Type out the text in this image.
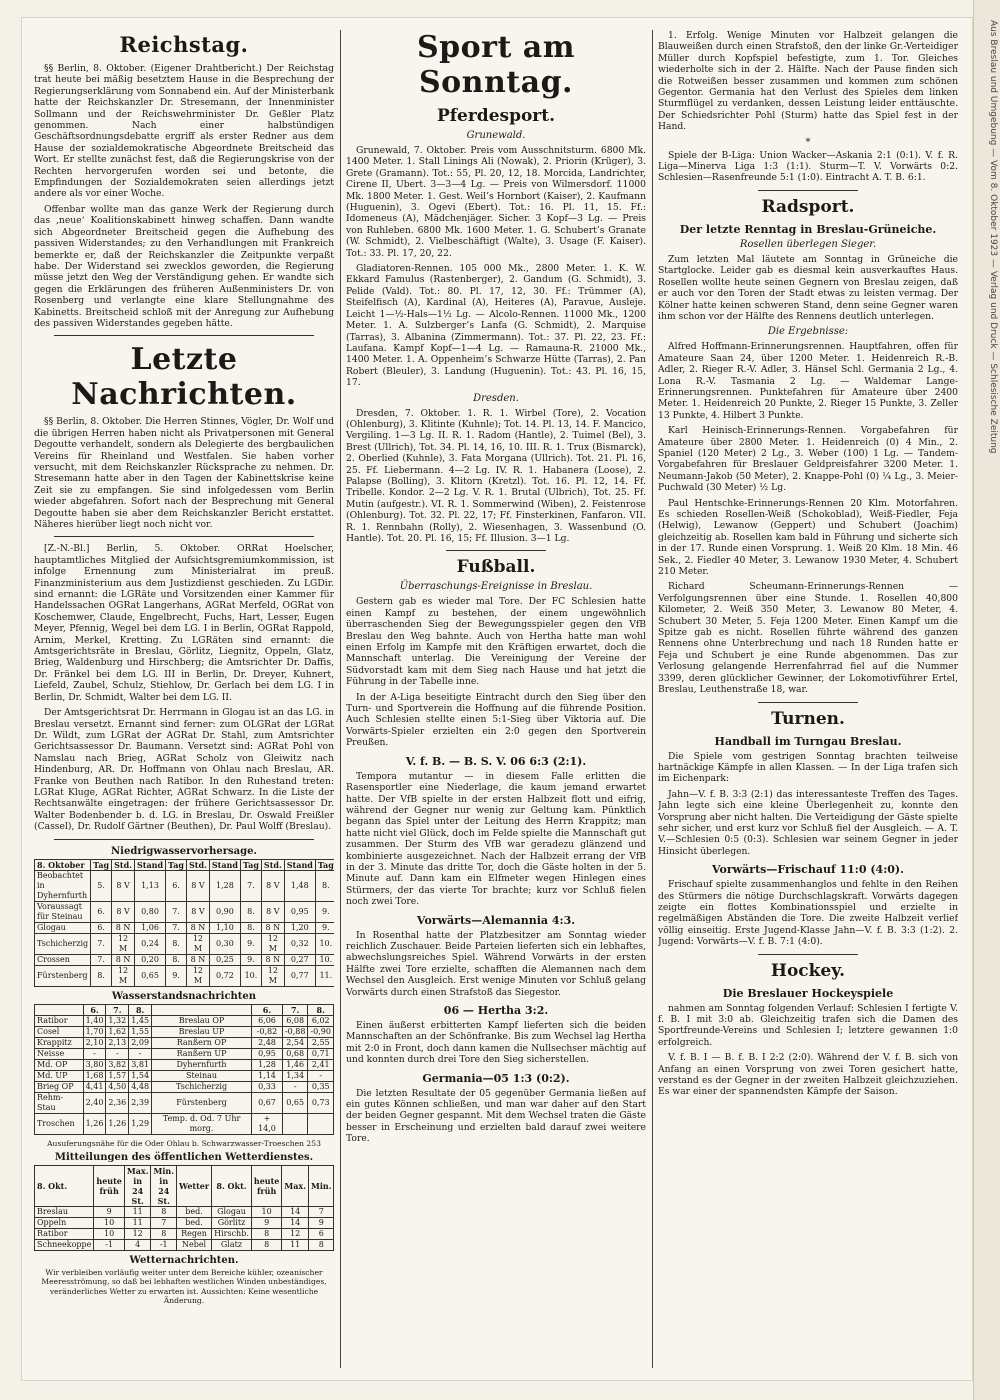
Reichstag.

§§ Berlin, 8. Oktober. (Eigener Drahtbericht.) Der Reichstag trat heute bei mäßig besetztem Hause in die Besprechung der Regierungserklärung vom Sonnabend ein. Auf der Ministerbank hatte der Reichskanzler Dr. Stresemann, der Innenminister Sollmann und der Reichswehrminister Dr. Geßler Platz genommen. Nach einer halbstündigen Geschäftsordnungsdebatte ergriff als erster Redner aus dem Hause der sozialdemokratische Abgeordnete Breitscheid das Wort. Er stellte zunächst fest, daß die Regierungskrise von der Rechten hervorgerufen worden sei und betonte, die Empfindungen der Sozialdemokraten seien allerdings jetzt andere als vor einer Woche.

Offenbar wollte man das ganze Werk der Regierung durch das ‚neue‘ Koalitionskabinett hinweg schaffen. Dann wandte sich Abgeordneter Breitscheid gegen die Aufhebung des passiven Widerstandes; zu den Verhandlungen mit Frankreich bemerkte er, daß der Reichskanzler die Zeitpunkte verpaßt habe. Der Widerstand sei zwecklos geworden, die Regierung müsse jetzt den Weg der Verständigung gehen. Er wandte sich gegen die Erklärungen des früheren Außenministers Dr. von Rosenberg und verlangte eine klare Stellungnahme des Kabinetts. Breitscheid schloß mit der Anregung zur Aufhebung des passiven Widerstandes gegeben hätte.

Letzte Nachrichten.

§§ Berlin, 8. Oktober. Die Herren Stinnes, Vögler, Dr. Wolf und die übrigen Herren haben nicht als Privatpersonen mit General Degoutte verhandelt, sondern als Delegierte des bergbaulichen Vereins für Rheinland und Westfalen. Sie haben vorher versucht, mit dem Reichskanzler Rücksprache zu nehmen. Dr. Stresemann hatte aber in den Tagen der Kabinettskrise keine Zeit sie zu empfangen. Sie sind infolgedessen vom Berlin wieder abgefahren. Sofort nach der Besprechung mit General Degoutte haben sie aber dem Reichskanzler Bericht erstattet. Näheres hierüber liegt noch nicht vor.

[Z.-N.-Bl.] Berlin, 5. Oktober. ORRat Hoelscher, hauptamtliches Mitglied der Aufsichtsgremiumkommission, ist infolge Ernennung zum Ministerialrat im preuß. Finanzministerium aus dem Justizdienst geschieden. Zu LGDir. sind ernannt: die LGRäte und Vorsitzenden einer Kammer für Handelssachen OGRat Langerhans, AGRat Merfeld, OGRat von Koschemwer, Claude, Engelbrecht, Fuchs, Hart, Lesser, Eugen Meyer, Pfennig, Wegel bei dem LG. I in Berlin, OGRat Rappold, Arnim, Merkel, Kretting. Zu LGRäten sind ernannt: die Amtsgerichtsräte in Breslau, Görlitz, Liegnitz, Oppeln, Glatz, Brieg, Waldenburg und Hirschberg; die Amtsrichter Dr. Daffis, Dr. Fränkel bei dem LG. III in Berlin, Dr. Dreyer, Kuhnert, Liefeld, Zaubel, Schulz, Stiehlow, Dr. Gerlach bei dem LG. I in Berlin, Dr. Schmidt, Walter bei dem LG. II.

Der Amtsgerichtsrat Dr. Herrmann in Glogau ist an das LG. in Breslau versetzt. Ernannt sind ferner: zum OLGRat der LGRat Dr. Wildt, zum LGRat der AGRat Dr. Stahl, zum Amtsrichter Gerichtsassessor Dr. Baumann. Versetzt sind: AGRat Pohl von Namslau nach Brieg, AGRat Scholz von Gleiwitz nach Hindenburg, AR. Dr. Hoffmann von Ohlau nach Breslau, AR. Franke von Beuthen nach Ratibor. In den Ruhestand treten: LGRat Kluge, AGRat Richter, AGRat Schwarz. In die Liste der Rechtsanwälte eingetragen: der frühere Gerichtsassessor Dr. Walter Bodenbender b. d. LG. in Breslau, Dr. Oswald Freißler (Cassel), Dr. Rudolf Gärtner (Beuthen), Dr. Paul Wolff (Breslau).

Niedrigwasservorhersage.
8. Oktober	Tag	Std.	Stand	Tag	Std.	Stand	Tag	Std.	Stand	Tag		
Beobachtet in Dyhernfurth	5.	8 V	1,13	6.	8 V	1,28	7.	8 V	1,48	8.		
Voraussagt für Steinau	6.	8 V	0,80	7.	8 V	0,90	8.	8 V	0,95	9.		
Glogau	6.	8 N	1,06	7.	8 N	1,10	8.	8 N	1,20	9.		
Tschicherzig	7.	12 M	0,24	8.	12 M	0,30	9.	12 M	0,32	10.		
Crossen	7.	8 N	0,20	8.	8 N	0,25	9.	8 N	0,27	10.		
Fürstenberg	8.	12 M	0,65	9.	12 M	0,72	10.	12 M	0,77	11.		
Wasserstandsnachrichten
	6.	7.	8.		6.	7.	8.
Ratibor	1,40	1,32	1,45	Breslau OP	6,06	6,08	6,02
Cosel	1,70	1,62	1,55	Breslau UP	-0,82	-0,88	-0,90
Krappitz	2,10	2,13	2,09	Ranßern OP	2,48	2,54	2,55
Neisse	-	-	-	Ranßern UP	0,95	0,68	0,71
Md. OP	3,80	3,82	3,81	Dyhernfurth	1,28	1,46	2,41
Md. UP	1,68	1,57	1,54	Steinau	1,14	1,34	-
Brieg OP	4,41	4,50	4,48	Tschicherzig	0,33	-	0,35
Rehm-Stau	2,40	2,36	2,39	Fürstenberg	0,67	0,65	0,73
Troschen	1,26	1,26	1,29	Temp. d. Od. 7 Uhr morg.	+ 14,0		
Ausuferungsnähe für die Oder Ohlau b. Schwarzwasser-Troeschen 253
Mitteilungen des öffentlichen Wetterdienstes.
8. Okt.	heute früh	Max. in 24 St.	Min. in 24 St.	Wetter	8. Okt.	heute früh	Max.	Min.	
Breslau	9	11	8	bed.	Glogau	10	14	7	
Oppeln	10	11	7	bed.	Görlitz	9	14	9	
Ratibor	10	12	8	Regen	Hirschb.	8	12	6	
Schneekoppe	-1	4	-1	Nebel	Glatz	8	11	8	
Wetternachrichten.
Wir verbleiben vorläufig weiter unter dem Bereiche kühler, ozeanischer Meeresströmung, so daß bei lebhaften westlichen Winden unbeständiges, veränderliches Wetter zu erwarten ist. Aussichten: Keine wesentliche Änderung.
Sport am Sonntag.
Pferdesport.
Grunewald.

Grunewald, 7. Oktober. Preis vom Ausschnitsturm. 6800 Mk. 1400 Meter. 1. Stall Linings Ali (Nowak), 2. Priorin (Krüger), 3. Grete (Gramann). Tot.: 55, Pl. 20, 12, 18. Morcida, Landrichter, Cirene II, Ubert. 3—3—4 Lg. — Preis von Wilmersdorf. 11000 Mk. 1800 Meter. 1. Gest. Weil’s Hornbort (Kaiser), 2. Kaufmann (Huguenin), 3. Ogevi (Ebert). Tot.: 16. Pl. 11, 15. Ff.: Idomeneus (A), Mädchenjäger. Sicher. 3 Kopf—3 Lg. — Preis von Ruhleben. 6800 Mk. 1600 Meter. 1. G. Schubert’s Granate (W. Schmidt), 2. Vielbeschäftigt (Walte), 3. Usage (F. Kaiser). Tot.: 33. Pl. 17, 20, 22.

Gladiatoren-Rennen. 105 000 Mk., 2800 Meter. 1. K. W. Ekkard Famulus (Rastenberger), 2. Gandum (G. Schmidt), 3. Pelide (Vald). Tot.: 80. Pl. 17, 12, 30. Ff.: Trümmer (A), Steifelfisch (A), Kardinal (A), Heiteres (A), Paravue, Ausleje. Leicht 1—½-Hals—1½ Lg. — Alcolo-Rennen. 11000 Mk., 1200 Meter. 1. A. Sulzberger’s Lanfa (G. Schmidt), 2. Marquise (Tarras), 3. Albanina (Zimmermann). Tot.: 37. Pl. 22, 23. Ff.: Laufana. Kampf Kopf—1—4 Lg. — Ramauna-R. 21000 Mk., 1400 Meter. 1. A. Oppenheim’s Schwarze Hütte (Tarras), 2. Pan Robert (Bleuler), 3. Landung (Huguenin). Tot.: 43. Pl. 16, 15, 17.

Dresden.

Dresden, 7. Oktober. 1. R. 1. Wirbel (Tore), 2. Vocation (Ohlenburg), 3. Klitinte (Kuhnle); Tot. 14. Pl. 13, 14. F. Mancico, Vergiling. 1—3 Lg. II. R. 1. Radom (Hantle), 2. Tuimel (Bel), 3. Brest (Ullrich), Tot. 34. Pl. 14, 16, 10. III. R. 1. Trux (Bismarck), 2. Oberlied (Kuhnle), 3. Fata Morgana (Ullrich). Tot. 21. Pl. 16, 25. Ff. Liebermann. 4—2 Lg. IV. R. 1. Habanera (Loose), 2. Palapse (Bolling), 3. Klitorn (Kretzl). Tot. 16. Pl. 12, 14. Ff. Tribelle. Kondor. 2—2 Lg. V. R. 1. Brutal (Ulbrich), Tot. 25. Ff. Mutin (aufgestr.). VI. R. 1. Sommerwind (Wiben), 2. Feistenrose (Ohlenburg). Tot. 32. Pl. 22, 17; Ff. Finsterkinen, Fanfaron. VII. R. 1. Rennbahn (Rolly), 2. Wiesenhagen, 3. Wassenbund (O. Hantle). Tot. 20. Pl. 16, 15; Ff. Illusion. 3—1 Lg.

Fußball.
Überraschungs-Ereignisse in Breslau.

Gestern gab es wieder mal Tore. Der FC Schlesien hatte einen Kampf zu bestehen, der einem ungewöhnlich überraschenden Sieg der Bewegungsspieler gegen den VfB Breslau den Weg bahnte. Auch von Hertha hatte man wohl einen Erfolg im Kampfe mit den Kräftigen erwartet, doch die Mannschaft unterlag. Die Vereinigung der Vereine der Südvorstadt kam mit dem Sieg nach Hause und hat jetzt die Führung in der Tabelle inne.

In der A-Liga beseitigte Eintracht durch den Sieg über den Turn- und Sportverein die Hoffnung auf die führende Position. Auch Schlesien stellte einen 5:1-Sieg über Viktoria auf. Die Vorwärts-Spieler erzielten ein 2:0 gegen den Sportverein Preußen.

V. f. B. — B. S. V. 06 6:3 (2:1).

Tempora mutantur — in diesem Falle erlitten die Rasensportler eine Niederlage, die kaum jemand erwartet hatte. Der VfB spielte in der ersten Halbzeit flott und eifrig, während der Gegner nur wenig zur Geltung kam. Pünktlich begann das Spiel unter der Leitung des Herrn Krappitz; man hatte nicht viel Glück, doch im Felde spielte die Mannschaft gut zusammen. Der Sturm des VfB war geradezu glänzend und kombinierte ausgezeichnet. Nach der Halbzeit errang der VfB in der 3. Minute das dritte Tor, doch die Gäste holten in der 5. Minute auf. Dann kam ein Elfmeter wegen Hinlegen eines Stürmers, der das vierte Tor brachte; kurz vor Schluß fielen noch zwei Tore.

Vorwärts—Alemannia 4:3.

In Rosenthal hatte der Platzbesitzer am Sonntag wieder reichlich Zuschauer. Beide Parteien lieferten sich ein lebhaftes, abwechslungsreiches Spiel. Während Vorwärts in der ersten Hälfte zwei Tore erzielte, schafften die Alemannen nach dem Wechsel den Ausgleich. Erst wenige Minuten vor Schluß gelang Vorwärts durch einen Strafstoß das Siegestor.

06 — Hertha 3:2.

Einen äußerst erbitterten Kampf lieferten sich die beiden Mannschaften an der Schönfranke. Bis zum Wechsel lag Hertha mit 2:0 in Front, doch dann kamen die Nullsechser mächtig auf und konnten durch drei Tore den Sieg sicherstellen.

Germania—05 1:3 (0:2).

Die letzten Resultate der 05 gegenüber Germania ließen auf ein gutes Können schließen, und man war daher auf den Start der beiden Gegner gespannt. Mit dem Wechsel traten die Gäste besser in Erscheinung und erzielten bald darauf zwei weitere Tore.

1. Erfolg. Wenige Minuten vor Halbzeit gelangen die Blauweißen durch einen Strafstoß, den der linke Gr.-Verteidiger Müller durch Kopfspiel befestigte, zum 1. Tor. Gleiches wiederholte sich in der 2. Hälfte. Nach der Pause finden sich die Rotweißen besser zusammen und kommen zum schönen Gegentor. Germania hat den Verlust des Spieles dem linken Sturmflügel zu verdanken, dessen Leistung leider enttäuschte. Der Schiedsrichter Pohl (Sturm) hatte das Spiel fest in der Hand.

*

Spiele der B-Liga: Union Wacker—Askania 2:1 (0:1). V. f. R. Liga—Minerva Liga 1:3 (1:1). Sturm—T. V. Vorwärts 0:2. Schlesien—Rasenfreunde 5:1 (1:0). Eintracht A. T. B. 6:1.

Radsport.
Der letzte Renntag in Breslau-Grüneiche.
Rosellen überlegen Sieger.

Zum letzten Mal läutete am Sonntag in Grüneiche die Startglocke. Leider gab es diesmal kein ausverkauftes Haus. Rosellen wollte heute seinen Gegnern von Breslau zeigen, daß er auch vor den Toren der Stadt etwas zu leisten vermag. Der Kölner hatte keinen schweren Stand, denn seine Gegner waren ihm schon vor der Hälfte des Rennens deutlich unterlegen.

Die Ergebnisse:

Alfred Hoffmann-Erinnerungsrennen. Hauptfahren, offen für Amateure Saan 24, über 1200 Meter. 1. Heidenreich R.-B. Adler, 2. Rieger R.-V. Adler, 3. Hänsel Schl. Germania 2 Lg., 4. Lona R.-V. Tasmania 2 Lg. — Waldemar Lange-Erinnerungsrennen. Punktefahren für Amateure über 2400 Meter. 1. Heidenreich 20 Punkte, 2. Rieger 15 Punkte, 3. Zeller 13 Punkte, 4. Hilbert 3 Punkte.

Karl Heinisch-Erinnerungs-Rennen. Vorgabefahren für Amateure über 2800 Meter. 1. Heidenreich (0) 4 Min., 2. Spaniel (120 Meter) 2 Lg., 3. Weber (100) 1 Lg. — Tandem-Vorgabefahren für Breslauer Geldpreisfahrer 3200 Meter. 1. Neumann-Jakob (50 Meter), 2. Knappe-Pohl (0) ¼ Lg., 3. Meier-Puchwald (30 Meter) ½ Lg.

Paul Hentschke-Erinnerungs-Rennen 20 Klm. Motorfahren. Es schieden Rosellen-Weiß (Schokoblad), Weiß-Fiedler, Feja (Helwig), Lewanow (Geppert) und Schubert (Joachim) gleichzeitig ab. Rosellen kam bald in Führung und sicherte sich in der 17. Runde einen Vorsprung. 1. Weiß 20 Klm. 18 Min. 46 Sek., 2. Fiedler 40 Meter, 3. Lewanow 1930 Meter, 4. Schubert 210 Meter.

Richard Scheumann-Erinnerungs-Rennen — Verfolgungsrennen über eine Stunde. 1. Rosellen 40,800 Kilometer, 2. Weiß 350 Meter, 3. Lewanow 80 Meter, 4. Schubert 30 Meter, 5. Feja 1200 Meter. Einen Kampf um die Spitze gab es nicht. Rosellen führte während des ganzen Rennens ohne Unterbrechung und nach 18 Runden hatte er Feja und Schubert je eine Runde abgenommen. Das zur Verlosung gelangende Herrenfahrrad fiel auf die Nummer 3399, deren glücklicher Gewinner, der Lokomotivführer Ertel, Breslau, Leuthenstraße 18, war.

Turnen.
Handball im Turngau Breslau.

Die Spiele vom gestrigen Sonntag brachten teilweise hartnäckige Kämpfe in allen Klassen. — In der Liga trafen sich im Eichenpark:

Jahn—V. f. B. 3:3 (2:1) das interessanteste Treffen des Tages. Jahn legte sich eine kleine Überlegenheit zu, konnte den Vorsprung aber nicht halten. Die Verteidigung der Gäste spielte sehr sicher, und erst kurz vor Schluß fiel der Ausgleich. — A. T. V.—Schlesien 0:5 (0:3). Schlesien war seinem Gegner in jeder Hinsicht überlegen.

Vorwärts—Frischauf 11:0 (4:0).

Frischauf spielte zusammenhanglos und fehlte in den Reihen des Stürmers die nötige Durchschlagskraft. Vorwärts dagegen zeigte ein flottes Kombinationsspiel und erzielte in regelmäßigen Abständen die Tore. Die zweite Halbzeit verlief völlig einseitig. Erste Jugend-Klasse Jahn—V. f. B. 3:3 (1:2). 2. Jugend: Vorwärts—V. f. B. 7:1 (4:0).

Hockey.
Die Breslauer Hockeyspiele

nahmen am Sonntag folgenden Verlauf: Schlesien I fertigte V. f. B. I mit 3:0 ab. Gleichzeitig trafen sich die Damen des Sportfreunde-Vereins und Schlesien I; letztere gewannen 1:0 erfolgreich.

V. f. B. I — B. f. B. I 2:2 (2:0). Während der V. f. B. sich von Anfang an einen Vorsprung von zwei Toren gesichert hatte, verstand es der Gegner in der zweiten Halbzeit gleichzuziehen. Es war einer der spannendsten Kämpfe der Saison.

Aus Breslau und Umgebung — Vom 8. Oktober 1923 — Verlag und Druck — Schlesische Zeitung
